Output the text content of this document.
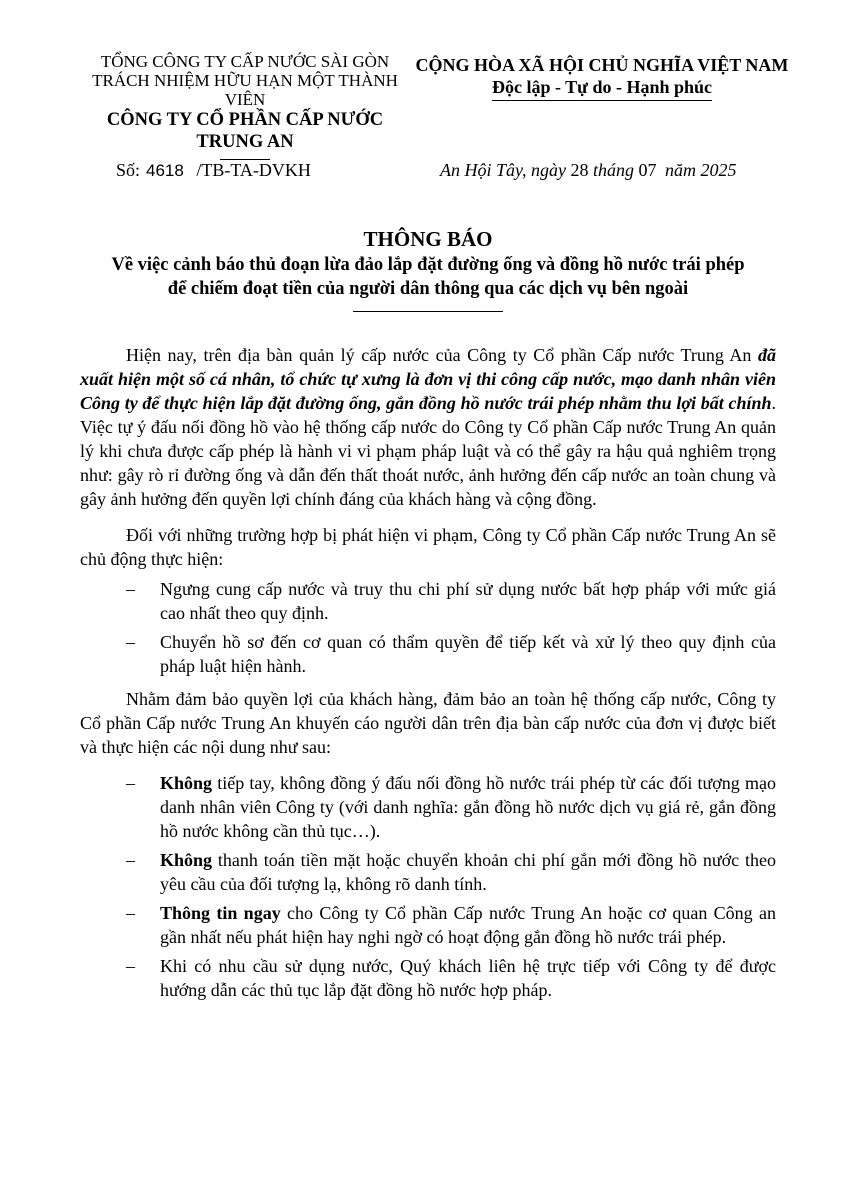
TỔNG CÔNG TY CẤP NƯỚC SÀI GÒN
TRÁCH NHIỆM HỮU HẠN MỘT THÀNH VIÊN
CÔNG TY CỔ PHẦN CẤP NƯỚC
TRUNG AN
CỘNG HÒA XÃ HỘI CHỦ NGHĨA VIỆT NAM
Độc lập - Tự do - Hạnh phúc
Số: 4618 /TB-TA-DVKH	An Hội Tây, ngày 28 tháng 07 năm 2025
THÔNG BÁO
Về việc cảnh báo thủ đoạn lừa đảo lắp đặt đường ống và đồng hồ nước trái phép
để chiếm đoạt tiền của người dân thông qua các dịch vụ bên ngoài

Hiện nay, trên địa bàn quản lý cấp nước của Công ty Cổ phần Cấp nước Trung An đã xuất hiện một số cá nhân, tổ chức tự xưng là đơn vị thi công cấp nước, mạo danh nhân viên Công ty để thực hiện lắp đặt đường ống, gắn đồng hồ nước trái phép nhằm thu lợi bất chính. Việc tự ý đấu nối đồng hồ vào hệ thống cấp nước do Công ty Cổ phần Cấp nước Trung An quản lý khi chưa được cấp phép là hành vi vi phạm pháp luật và có thể gây ra hậu quả nghiêm trọng như: gây rò rỉ đường ống và dẫn đến thất thoát nước, ảnh hưởng đến cấp nước an toàn chung và gây ảnh hưởng đến quyền lợi chính đáng của khách hàng và cộng đồng.

Đối với những trường hợp bị phát hiện vi phạm, Công ty Cổ phần Cấp nước Trung An sẽ chủ động thực hiện:

– Ngưng cung cấp nước và truy thu chi phí sử dụng nước bất hợp pháp với mức giá cao nhất theo quy định.
– Chuyển hồ sơ đến cơ quan có thẩm quyền để tiếp kết và xử lý theo quy định của pháp luật hiện hành.

Nhằm đảm bảo quyền lợi của khách hàng, đảm bảo an toàn hệ thống cấp nước, Công ty Cổ phần Cấp nước Trung An khuyến cáo người dân trên địa bàn cấp nước của đơn vị được biết và thực hiện các nội dung như sau:

– Không tiếp tay, không đồng ý đấu nối đồng hồ nước trái phép từ các đối tượng mạo danh nhân viên Công ty (với danh nghĩa: gắn đồng hồ nước dịch vụ giá rẻ, gắn đồng hồ nước không cần thủ tục…).
– Không thanh toán tiền mặt hoặc chuyển khoản chi phí gắn mới đồng hồ nước theo yêu cầu của đối tượng lạ, không rõ danh tính.
– Thông tin ngay cho Công ty Cổ phần Cấp nước Trung An hoặc cơ quan Công an gần nhất nếu phát hiện hay nghi ngờ có hoạt động gắn đồng hồ nước trái phép.
– Khi có nhu cầu sử dụng nước, Quý khách liên hệ trực tiếp với Công ty để được hướng dẫn các thủ tục lắp đặt đồng hồ nước hợp pháp.
